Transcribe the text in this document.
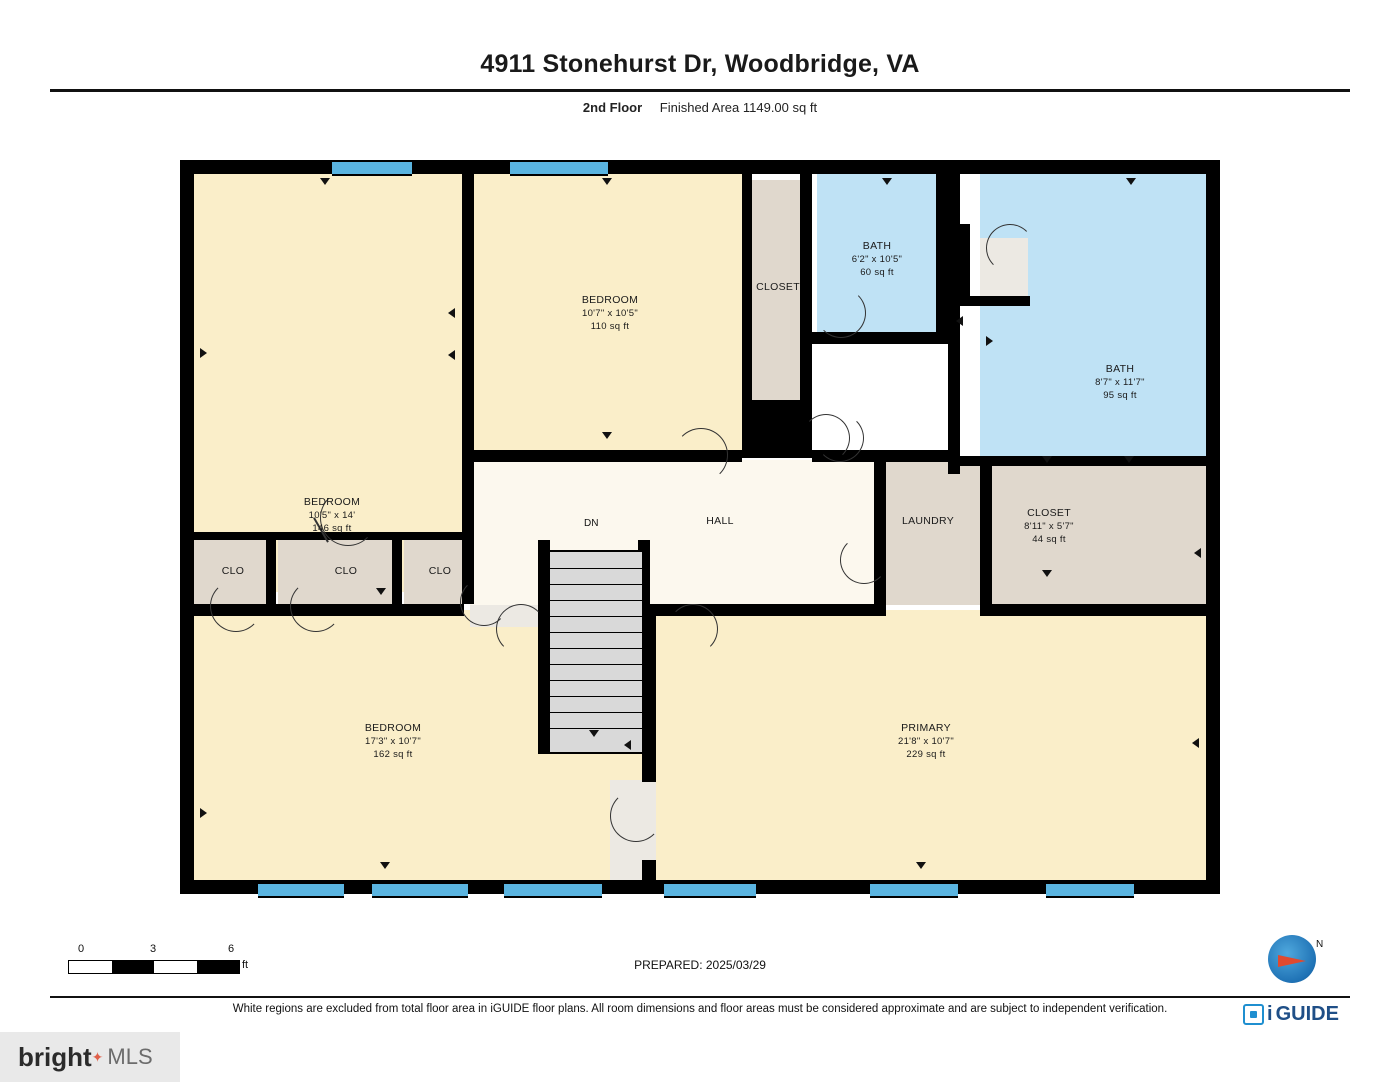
4911 Stonehurst Dr, Woodbridge, VA
2nd Floor Finished Area 1149.00 sq ft
DN
BEDROOM
10'5" x 14'
146 sq ft
BEDROOM
10'7" x 10'5"
110 sq ft
CLOSET
BATH
6'2" x 10'5"
60 sq ft
BATH
8'7" x 11'7"
95 sq ft
HALL	LAUNDRY
CLOSET
8'11" x 5'7"
44 sq ft
CLO	CLO	CLO
BEDROOM
17'3" x 10'7"
162 sq ft
PRIMARY
21'8" x 10'7"
229 sq ft
0	3	6
ft	PREPARED: 2025/03/29
N
White regions are excluded from total floor area in iGUIDE floor plans. All room dimensions and floor areas must be considered approximate and are subject to independent verification.	i GUIDE
bright ✦ MLS
